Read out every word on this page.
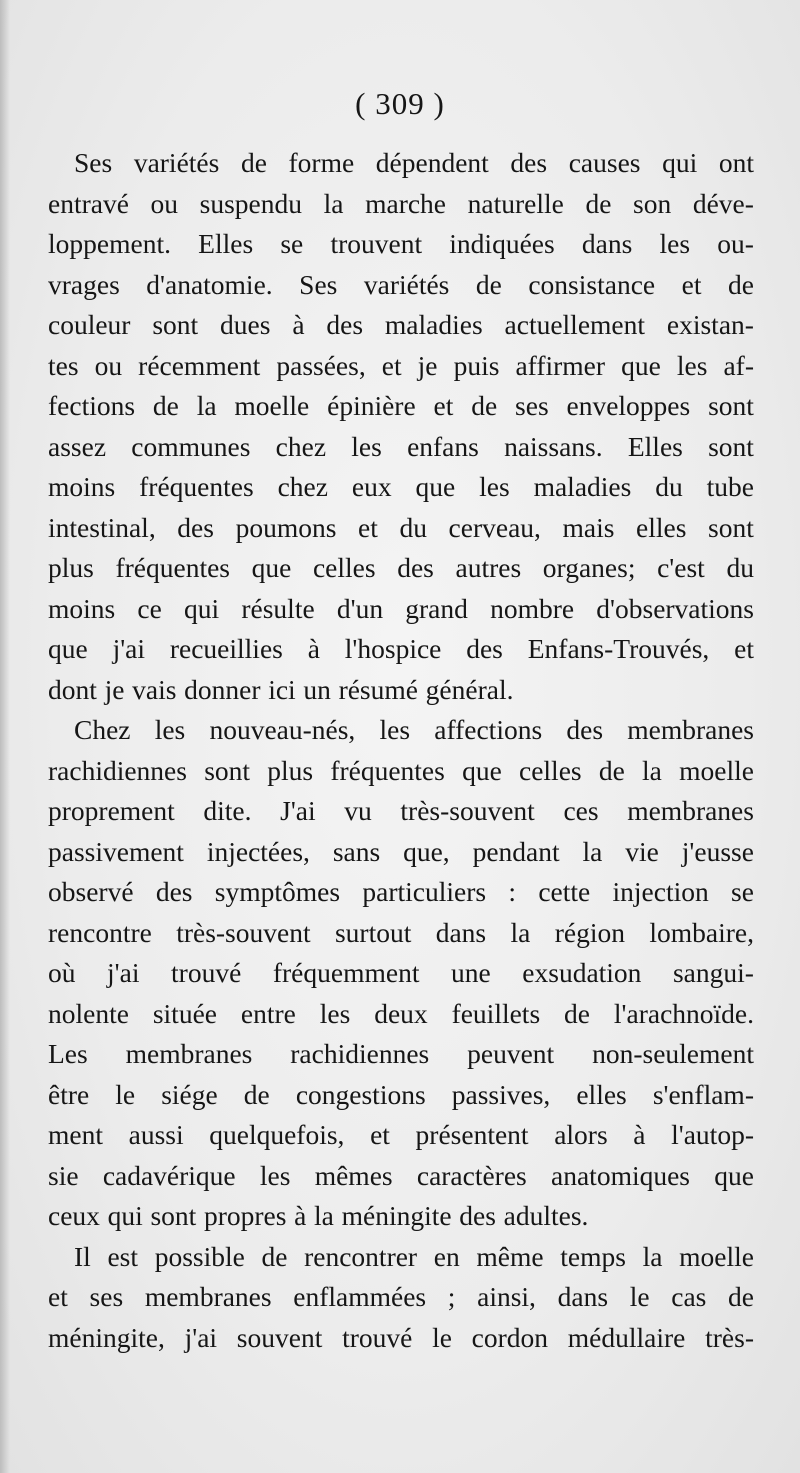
( 309 )
Ses variétés de forme dépendent des causes qui ont
entravé ou suspendu la marche naturelle de son déve-
loppement. Elles se trouvent indiquées dans les ou-
vrages d'anatomie. Ses variétés de consistance et de
couleur sont dues à des maladies actuellement existan-
tes ou récemment passées, et je puis affirmer que les af-
fections de la moelle épinière et de ses enveloppes sont
assez communes chez les enfans naissans. Elles sont
moins fréquentes chez eux que les maladies du tube
intestinal, des poumons et du cerveau, mais elles sont
plus fréquentes que celles des autres organes; c'est du
moins ce qui résulte d'un grand nombre d'observations
que j'ai recueillies à l'hospice des Enfans-Trouvés, et
dont je vais donner ici un résumé général.
Chez les nouveau-nés, les affections des membranes
rachidiennes sont plus fréquentes que celles de la moelle
proprement dite. J'ai vu très-souvent ces membranes
passivement injectées, sans que, pendant la vie j'eusse
observé des symptômes particuliers : cette injection se
rencontre très-souvent surtout dans la région lombaire,
où j'ai trouvé fréquemment une exsudation sangui-
nolente située entre les deux feuillets de l'arachnoïde.
Les membranes rachidiennes peuvent non-seulement
être le siége de congestions passives, elles s'enflam-
ment aussi quelquefois, et présentent alors à l'autop-
sie cadavérique les mêmes caractères anatomiques que
ceux qui sont propres à la méningite des adultes.
Il est possible de rencontrer en même temps la moelle
et ses membranes enflammées ; ainsi, dans le cas de
méningite, j'ai souvent trouvé le cordon médullaire très-
